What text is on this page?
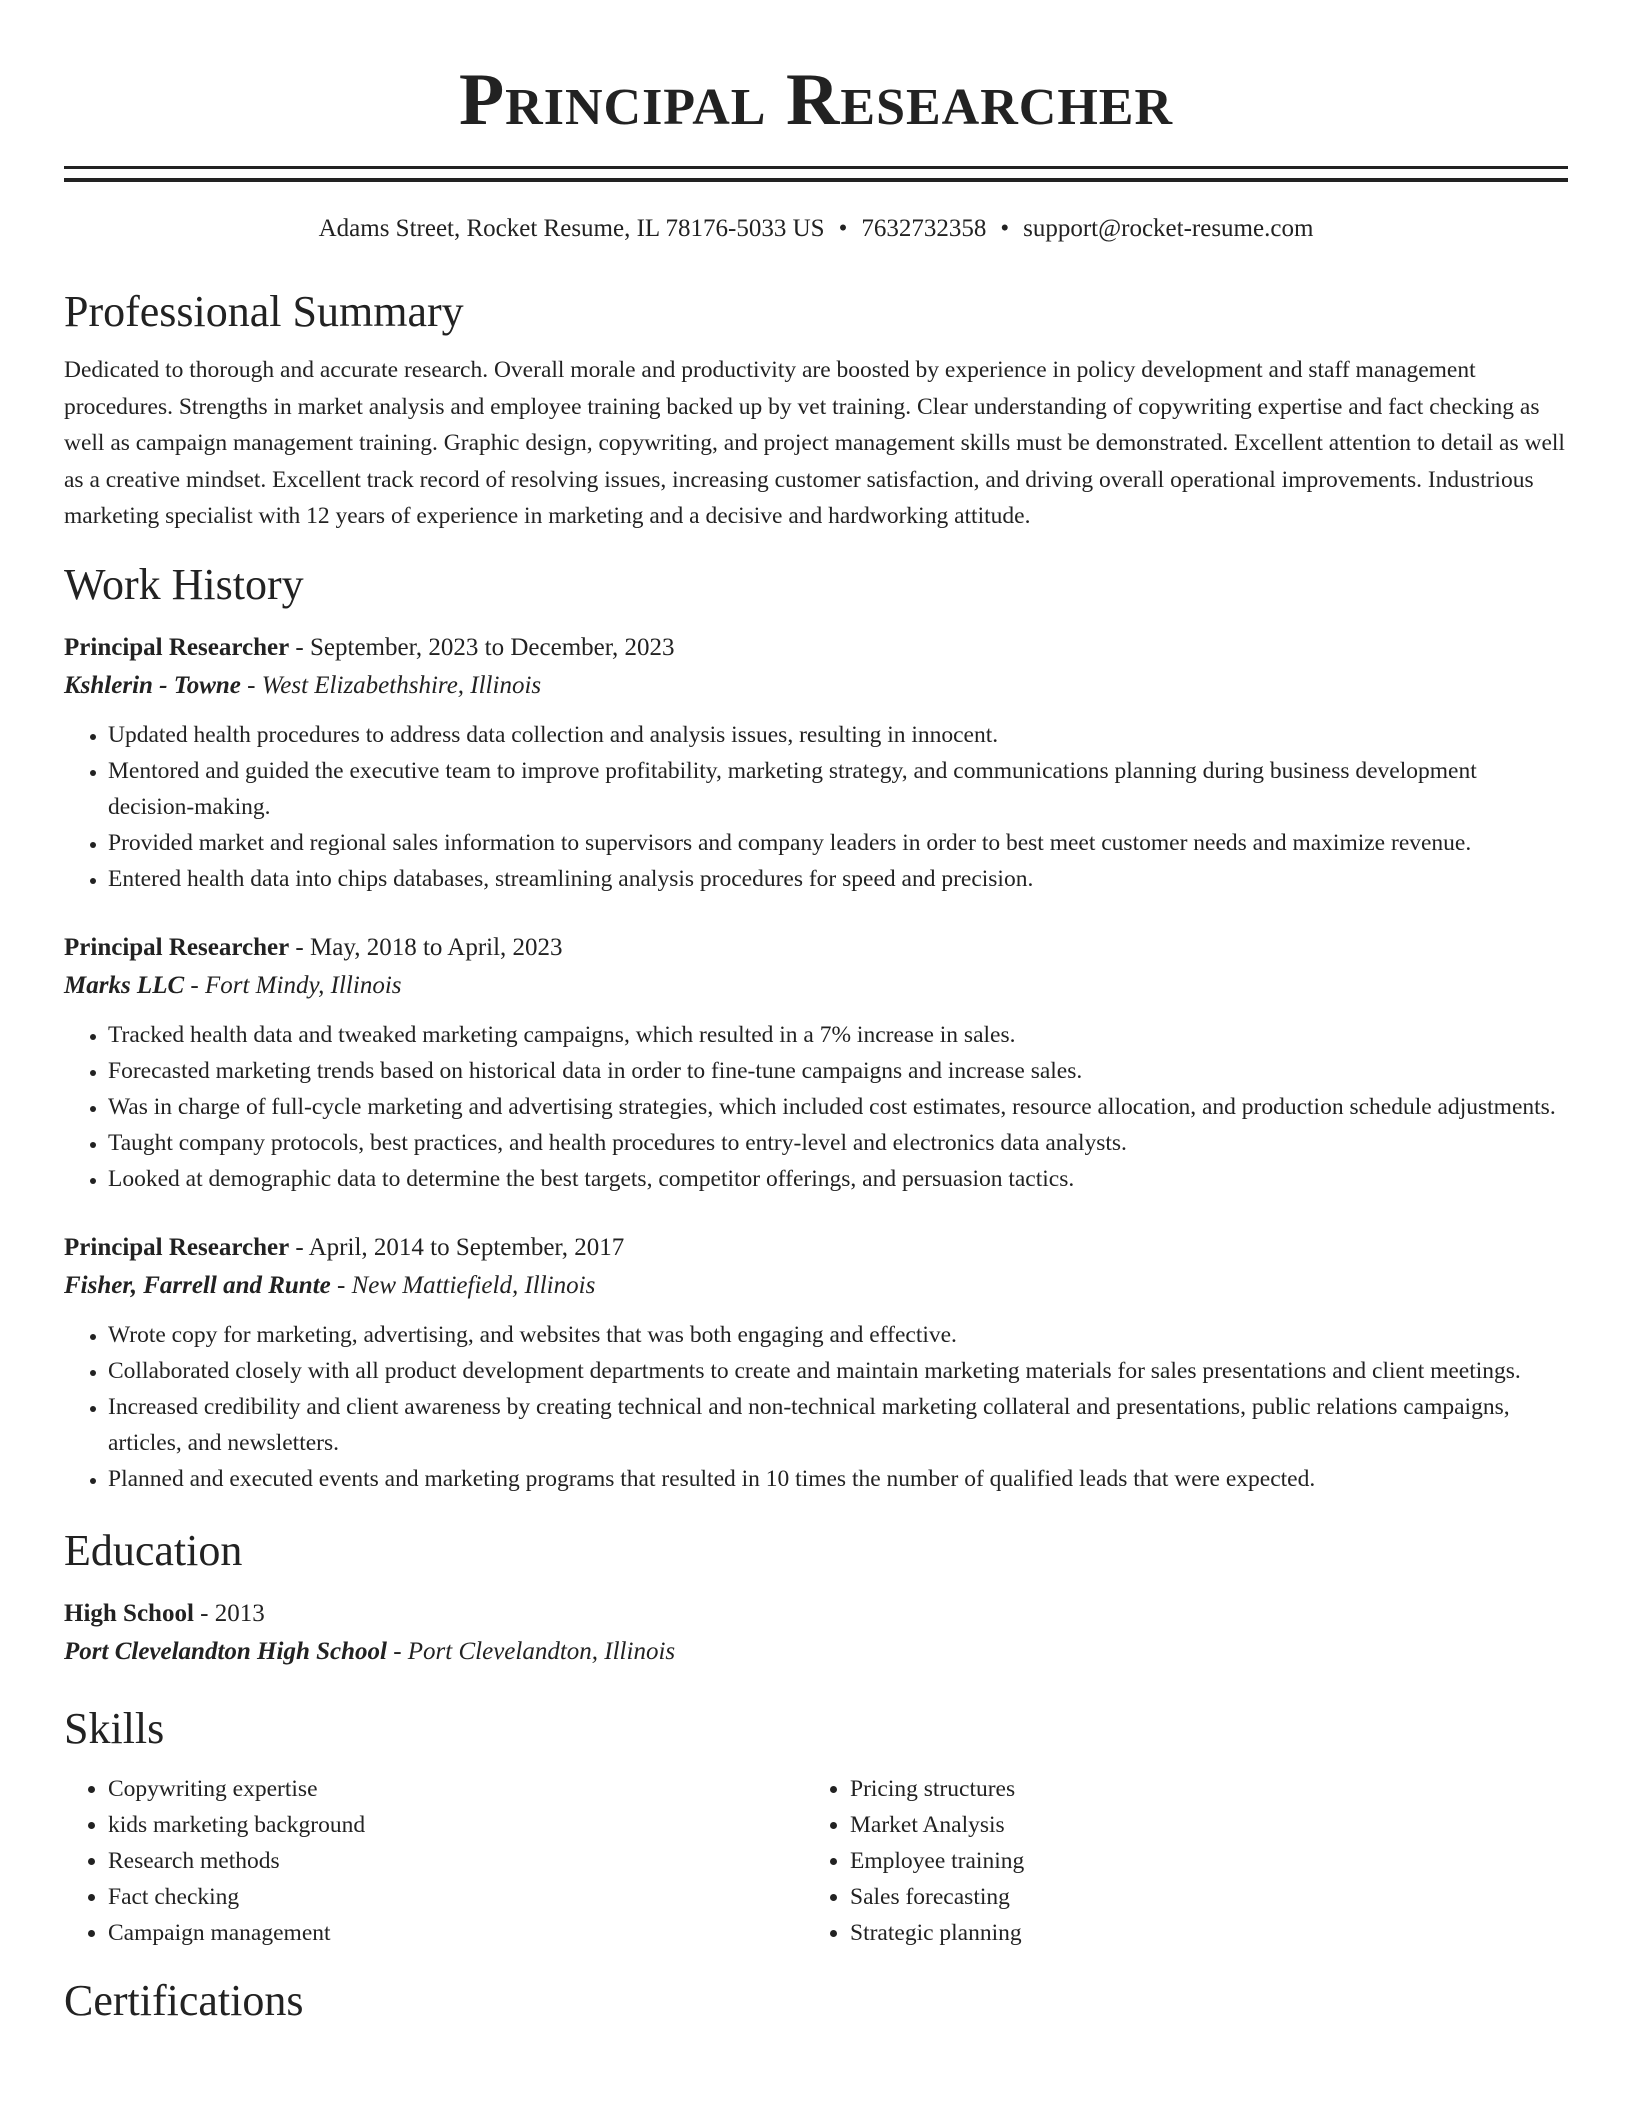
Principal Researcher
Adams Street, Rocket Resume, IL 78176-5033 US • 7632732358 • support@rocket-resume.com
Professional Summary

Dedicated to thorough and accurate research. Overall morale and productivity are boosted by experience in policy development and staff management procedures. Strengths in market analysis and employee training backed up by vet training. Clear understanding of copywriting expertise and fact checking as well as campaign management training. Graphic design, copywriting, and project management skills must be demonstrated. Excellent attention to detail as well as a creative mindset. Excellent track record of resolving issues, increasing customer satisfaction, and driving overall operational improvements. Industrious marketing specialist with 12 years of experience in marketing and a decisive and hardworking attitude.

Work History
Principal Researcher - September, 2023 to December, 2023
Kshlerin - Towne - West Elizabethshire, Illinois
• Updated health procedures to address data collection and analysis issues, resulting in innocent.
• Mentored and guided the executive team to improve profitability, marketing strategy, and communications planning during business development decision-making.
• Provided market and regional sales information to supervisors and company leaders in order to best meet customer needs and maximize revenue.
• Entered health data into chips databases, streamlining analysis procedures for speed and precision.
Principal Researcher - May, 2018 to April, 2023
Marks LLC - Fort Mindy, Illinois
• Tracked health data and tweaked marketing campaigns, which resulted in a 7% increase in sales.
• Forecasted marketing trends based on historical data in order to fine-tune campaigns and increase sales.
• Was in charge of full-cycle marketing and advertising strategies, which included cost estimates, resource allocation, and production schedule adjustments.
• Taught company protocols, best practices, and health procedures to entry-level and electronics data analysts.
• Looked at demographic data to determine the best targets, competitor offerings, and persuasion tactics.
Principal Researcher - April, 2014 to September, 2017
Fisher, Farrell and Runte - New Mattiefield, Illinois
• Wrote copy for marketing, advertising, and websites that was both engaging and effective.
• Collaborated closely with all product development departments to create and maintain marketing materials for sales presentations and client meetings.
• Increased credibility and client awareness by creating technical and non-technical marketing collateral and presentations, public relations campaigns, articles, and newsletters.
• Planned and executed events and marketing programs that resulted in 10 times the number of qualified leads that were expected.
Education
High School - 2013
Port Clevelandton High School - Port Clevelandton, Illinois
Skills
• Copywriting expertise
• kids marketing background
• Research methods
• Fact checking
• Campaign management
• Pricing structures
• Market Analysis
• Employee training
• Sales forecasting
• Strategic planning
Certifications
